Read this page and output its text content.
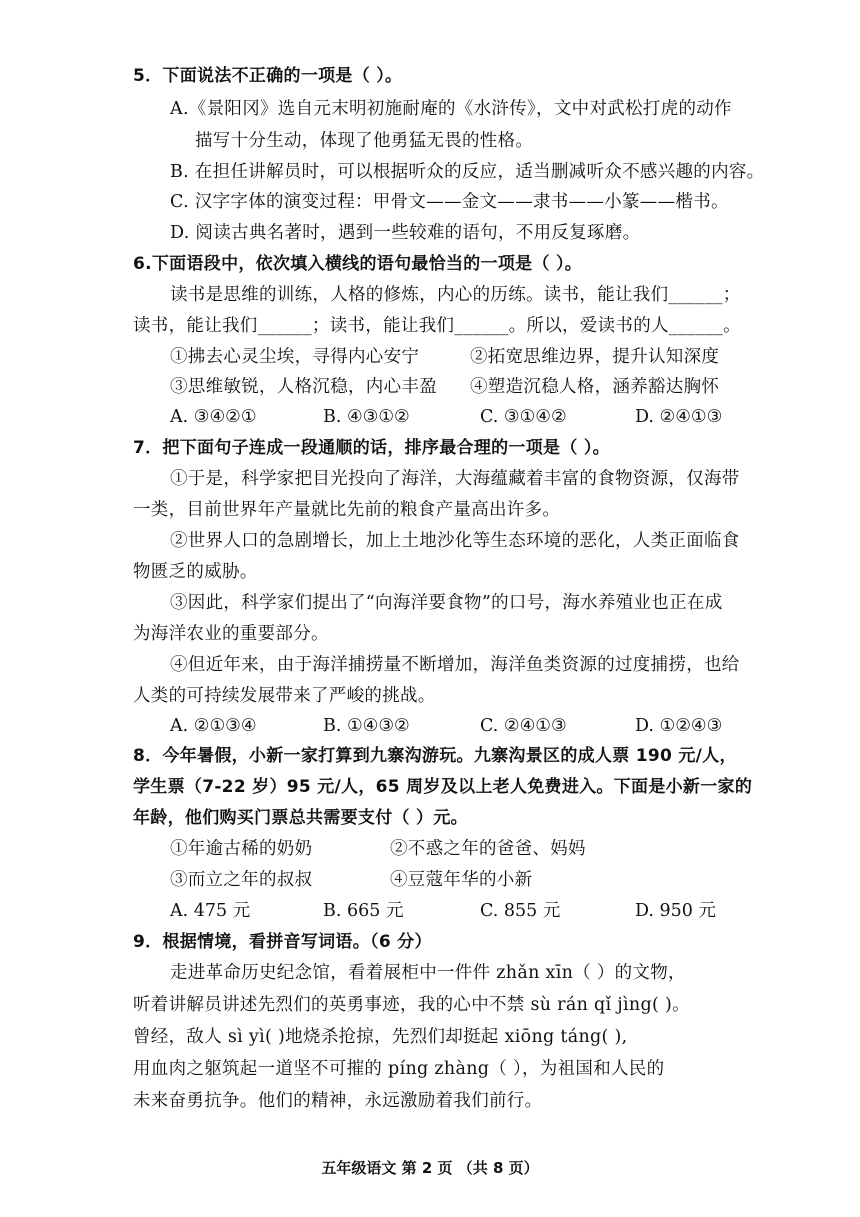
5．下面说法不正确的一项是（ ）。
A.《景阳冈》选自元末明初施耐庵的《水浒传》，文中对武松打虎的动作
描写十分生动，体现了他勇猛无畏的性格。
B. 在担任讲解员时，可以根据听众的反应，适当删减听众不感兴趣的内容。
C. 汉字字体的演变过程：甲骨文——金文——隶书——小篆——楷书。
D. 阅读古典名著时，遇到一些较难的语句，不用反复琢磨。
6.下面语段中，依次填入横线的语句最恰当的一项是（ ）。
读书是思维的训练，人格的修炼，内心的历练。读书，能让我们______；
读书，能让我们______；读书，能让我们______。所以，爱读书的人______。
①拂去心灵尘埃，寻得内心安宁	②拓宽思维边界，提升认知深度
③思维敏锐，人格沉稳，内心丰盈 ④塑造沉稳人格，涵养豁达胸怀
A. ③④②①	B. ④③①②	C. ③①④②	D. ②④①③
7．把下面句子连成一段通顺的话，排序最合理的一项是（ ）。
①于是，科学家把目光投向了海洋，大海蕴藏着丰富的食物资源，仅海带
一类，目前世界年产量就比先前的粮食产量高出许多。
②世界人口的急剧增长，加上土地沙化等生态环境的恶化，人类正面临食
物匮乏的威胁。
③因此，科学家们提出了“向海洋要食物”的口号，海水养殖业也正在成
为海洋农业的重要部分。
④但近年来，由于海洋捕捞量不断增加，海洋鱼类资源的过度捕捞，也给
人类的可持续发展带来了严峻的挑战。
A. ②①③④	B. ①④③②	C. ②④①③	D. ①②④③
8．今年暑假，小新一家打算到九寨沟游玩。九寨沟景区的成人票 190 元/人，
学生票（7-22 岁）95 元/人，65 周岁及以上老人免费进入。下面是小新一家的
年龄，他们购买门票总共需要支付（ ）元。
①年逾古稀的奶奶	②不惑之年的爸爸、妈妈
③而立之年的叔叔	④豆蔻年华的小新
A. 475 元	B. 665 元	C. 855 元	D. 950 元
9．根据情境，看拼音写词语。（6 分）
走进革命历史纪念馆，看着展柜中一件件 zhǎn xīn（ ）的文物，
听着讲解员讲述先烈们的英勇事迹，我的心中不禁 sù rán qǐ jìng( )。
曾经，敌人 sì yì( )地烧杀抢掠，先烈们却挺起 xiōng táng( ),
用血肉之躯筑起一道坚不可摧的 píng zhàng（ ），为祖国和人民的
未来奋勇抗争。他们的精神，永远激励着我们前行。
五年级语文 第 2 页 （共 8 页）
